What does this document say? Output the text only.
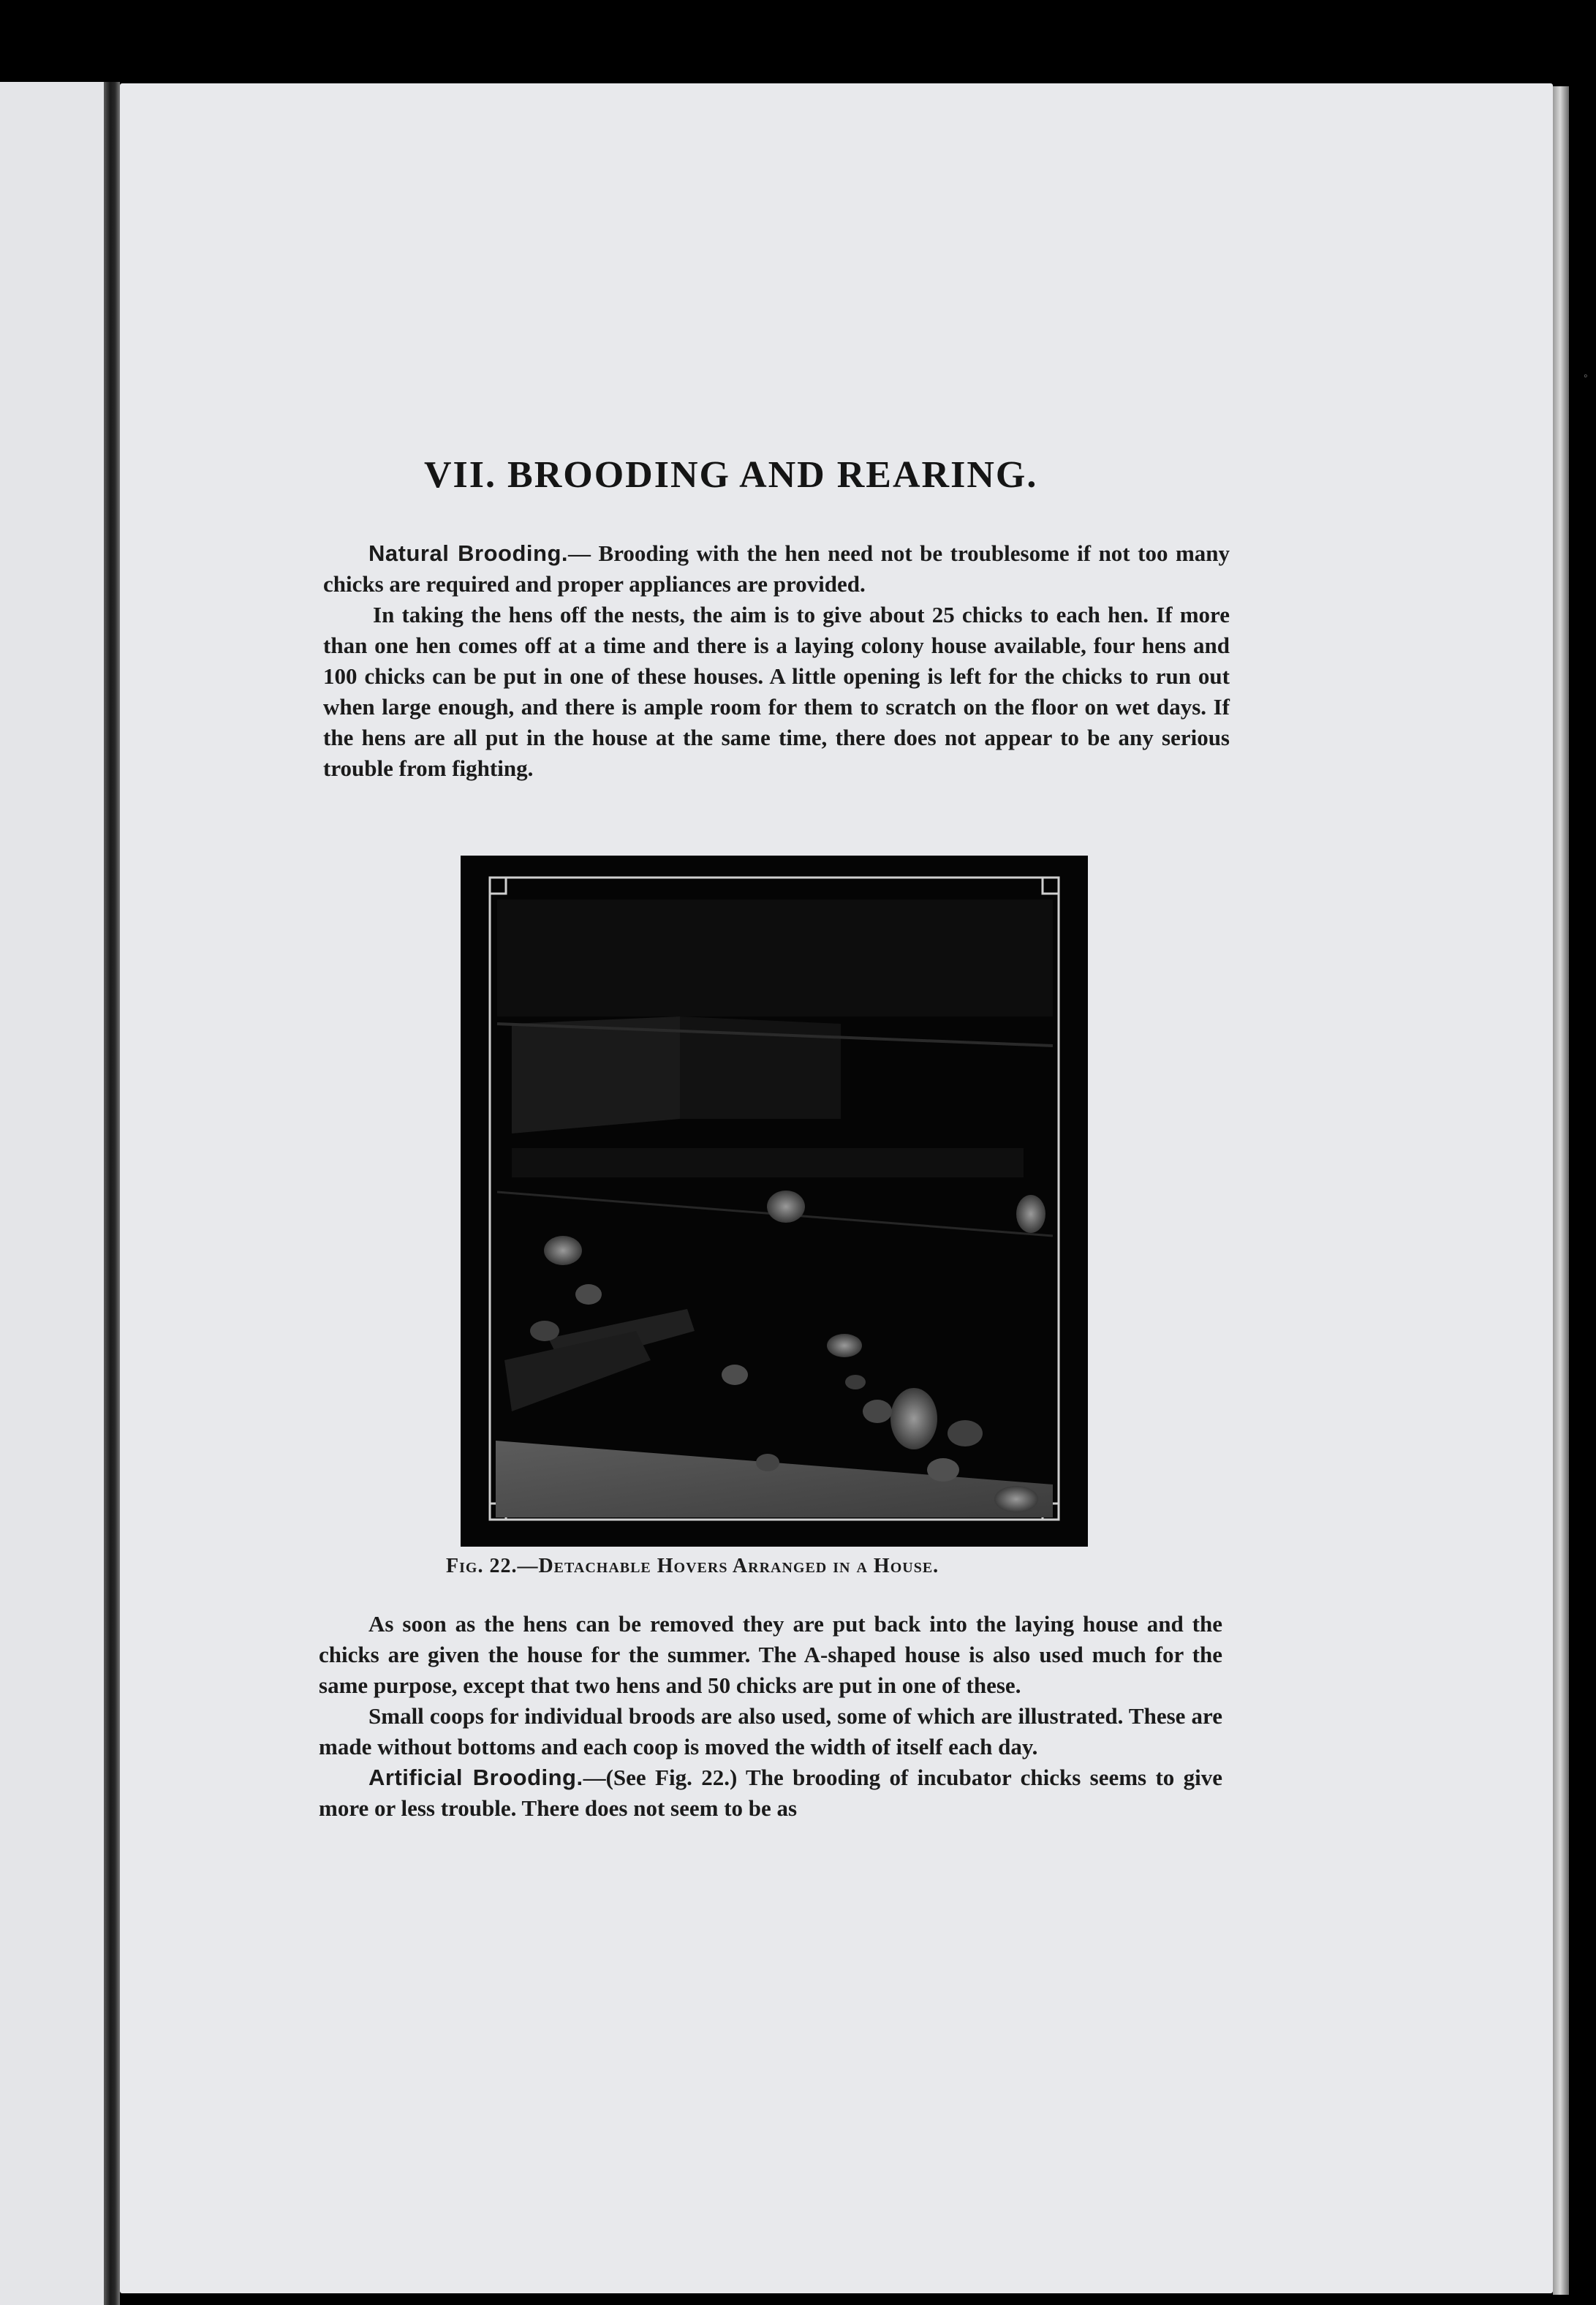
◦
VII. BROODING AND REARING.

Natural Brooding.— Brooding with the hen need not be troublesome if not too many chicks are required and proper appliances are provided.

In taking the hens off the nests, the aim is to give about 25 chicks to each hen. If more than one hen comes off at a time and there is a laying colony house available, four hens and 100 chicks can be put in one of these houses. A little opening is left for the chicks to run out when large enough, and there is ample room for them to scratch on the floor on wet days. If the hens are all put in the house at the same time, there does not appear to be any serious trouble from fighting.

Fig. 22.—Detachable Hovers Arranged in a House.

As soon as the hens can be removed they are put back into the laying house and the chicks are given the house for the summer. The A-shaped house is also used much for the same purpose, except that two hens and 50 chicks are put in one of these.

Small coops for individual broods are also used, some of which are illustrated. These are made without bottoms and each coop is moved the width of itself each day.

Artificial Brooding.—(See Fig. 22.) The brooding of incubator chicks seems to give more or less trouble. There does not seem to be as
